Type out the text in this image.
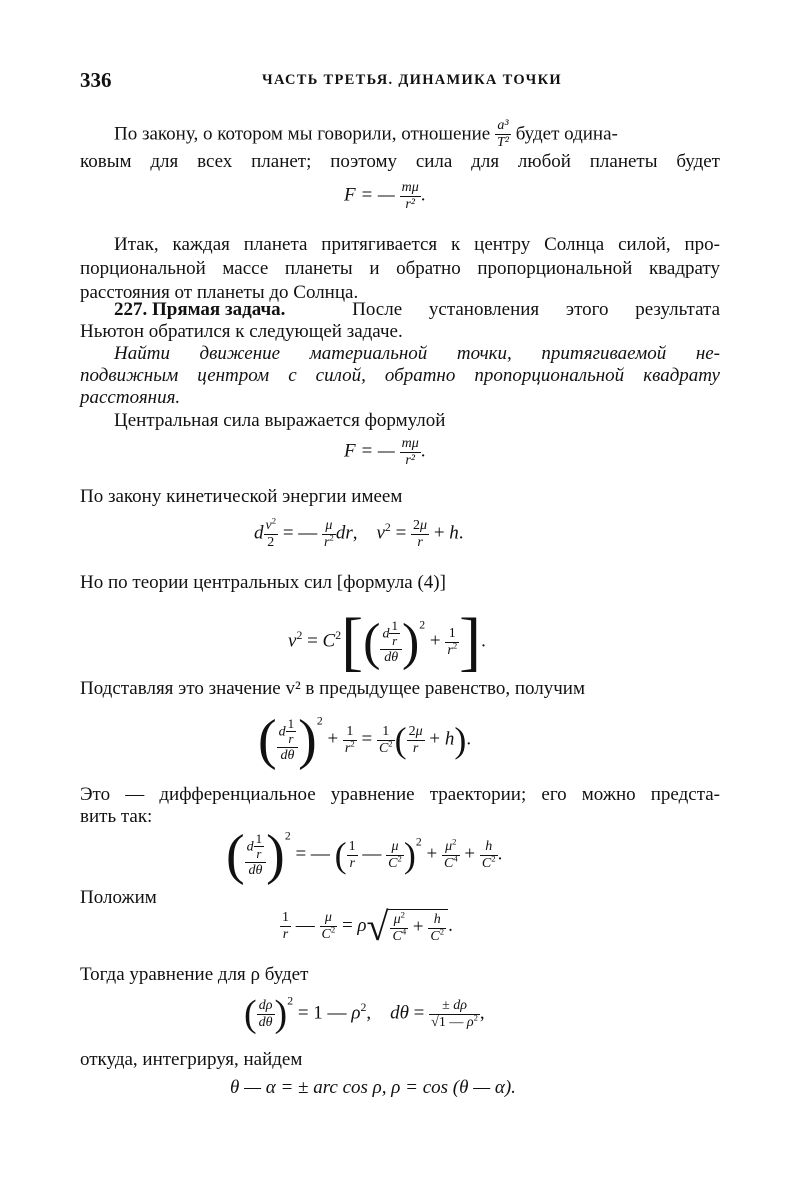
336	ЧАСТЬ ТРЕТЬЯ. ДИНАМИКА ТОЧКИ
По закону, о котором мы говорили, отношение $\frac{\text{a³}}{\text{T²}}$ будет одина-
ковым для всех планет; поэтому сила для любой планеты будет
F = — $\frac{m\mu}{\text{r²}}$ .
Итак, каждая планета притягивается к центру Солнца силой, про-
порциональной массе планеты и обратно пропорциональной квадрату
расстояния от планеты до Солнца.
227. Прямая задача.	После установления этого результата
Ньютон обратился к следующей задаче.
Найти движение материальной точки, притягиваемой не-
подвижным центром с силой, обратно пропорциональной квадрату
расстояния.
Центральная сила выражается формулой
F = — $\frac{m\mu}{\text{r²}}$ .
По закону кинетической энергии имеем
d $\frac{v^2}{2}$ = — $\frac{\mu}{r^2}$ dr,    $v^2 = \frac{2\mu}{r} + h$.
Но по теории центральных сил [формула (4)]
$v^2 = C^2[( \frac{d \frac{1}{r}}{d\theta} )^2 + \frac{1}{r^2}$ ].
Подставляя это значение v² в предыдущее равенство, получим
( $\frac{d \frac{1}{r}}{d\theta} )^2 + \frac{1}{r^2} = \frac{1}{C^2}$ ( $\frac{2\mu}{r} + h$).
Это — дифференциальное уравнение траектории; его можно предста-
вить так:
( $\frac{d \frac{1}{r}}{d\theta} )^2$ = — ( $\frac{1}{r}$ — $\frac{\mu}{C^2} )^2 + \frac{\mu^2}{C^4} + \frac{h}{C^2}$ .
Положим
$\frac{1}{r}$ — $\frac{\mu}{C^2} = \rho√ \frac{\mu^2}{C^4} + \frac{h}{C^2}$ .
Тогда уравнение для ρ будет
( $\frac{d\rho}{d\theta} )^2 = 1$ — $\rho^2$,    $d\theta = \frac{\pm d\rho}{√1 — \rho^2}$ ,
откуда, интегрируя, найдем
θ — α = ± arc cos ρ, ρ = cos (θ — α).
